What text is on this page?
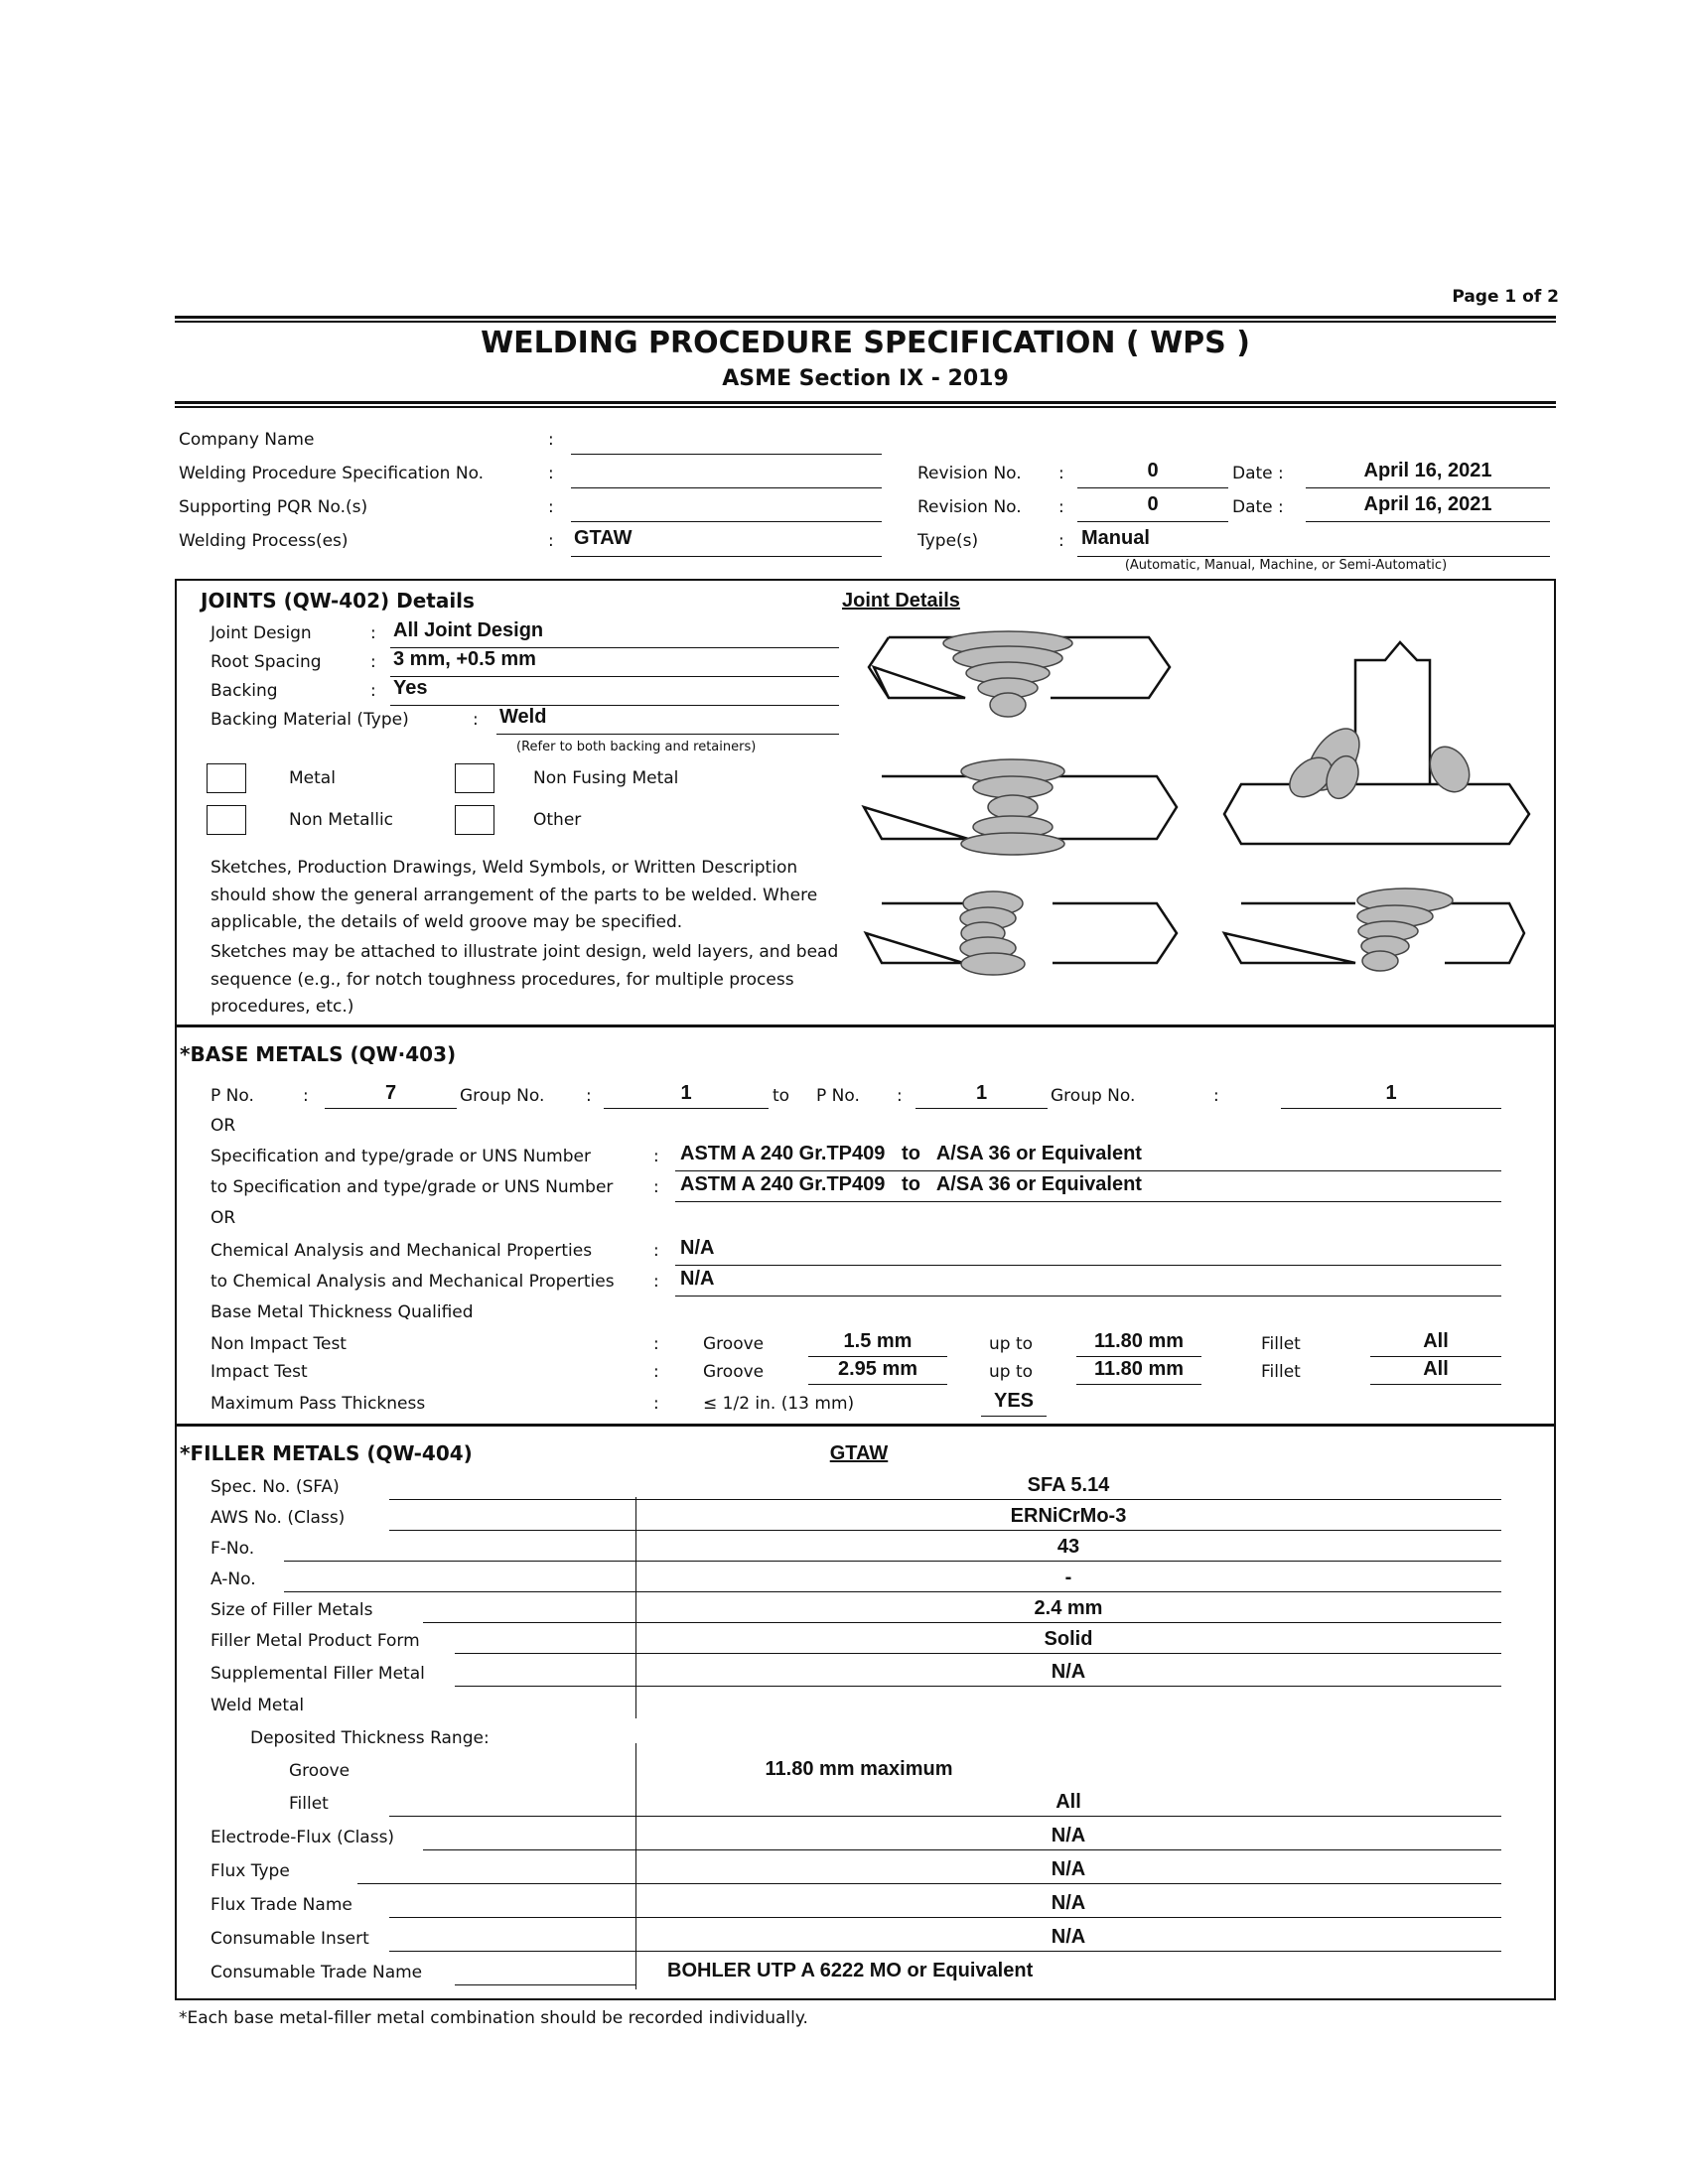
Page 1 of 2
WELDING PROCEDURE SPECIFICATION ( WPS )
ASME Section IX - 2019
Company Name	:
Welding Procedure Specification No.	:
Supporting PQR No.(s)	:
Welding Process(es)	: GTAW
Revision No. :	0	Date :	April 16, 2021
Revision No. :	0	Date :	April 16, 2021
Type(s)	: Manual
(Automatic, Manual, Machine, or Semi-Automatic)
JOINTS (QW-402) Details	Joint Details
Joint Design	: All Joint Design
Root Spacing	: 3 mm, +0.5 mm
Backing	: Yes
Backing Material (Type)	: Weld
(Refer to both backing and retainers)
Metal	Non Fusing Metal
Non Metallic	Other
Sketches, Production Drawings, Weld Symbols, or Written Description should show the general arrangement of the parts to be welded. Where applicable, the details of weld groove may be specified.
Sketches may be attached to illustrate joint design, weld layers, and bead sequence (e.g., for notch toughness procedures, for multiple process procedures, etc.)
*BASE METALS (QW·403)
P No.	:	7	Group No. :	1	to P No. :	1	Group No.	:	1
OR
Specification and type/grade or UNS Number	: ASTM A 240 Gr.TP409   to   A/SA 36 or Equivalent
to Specification and type/grade or UNS Number : ASTM A 240 Gr.TP409   to   A/SA 36 or Equivalent
OR
Chemical Analysis and Mechanical Properties	: N/A
to Chemical Analysis and Mechanical Properties : N/A
Base Metal Thickness Qualified
Non Impact Test	:	Groove	1.5 mm	up to	11.80 mm	Fillet	All
Impact Test	:	Groove	2.95 mm	up to	11.80 mm	Fillet	All
Maximum Pass Thickness	:	≤ 1/2 in. (13 mm)	YES
*FILLER METALS (QW-404)	GTAW
Spec. No. (SFA)	SFA 5.14
AWS No. (Class)	ERNiCrMo-3
F-No.	43
A-No.	-
Size of Filler Metals	2.4 mm
Filler Metal Product Form	Solid
Supplemental Filler Metal	N/A
Weld Metal
Deposited Thickness Range:
Groove	11.80 mm maximum
Fillet	All
Electrode-Flux (Class)	N/A
Flux Type	N/A
Flux Trade Name	N/A
Consumable Insert	N/A
Consumable Trade Name	BOHLER UTP A 6222 MO or Equivalent
*Each base metal-filler metal combination should be recorded individually.
